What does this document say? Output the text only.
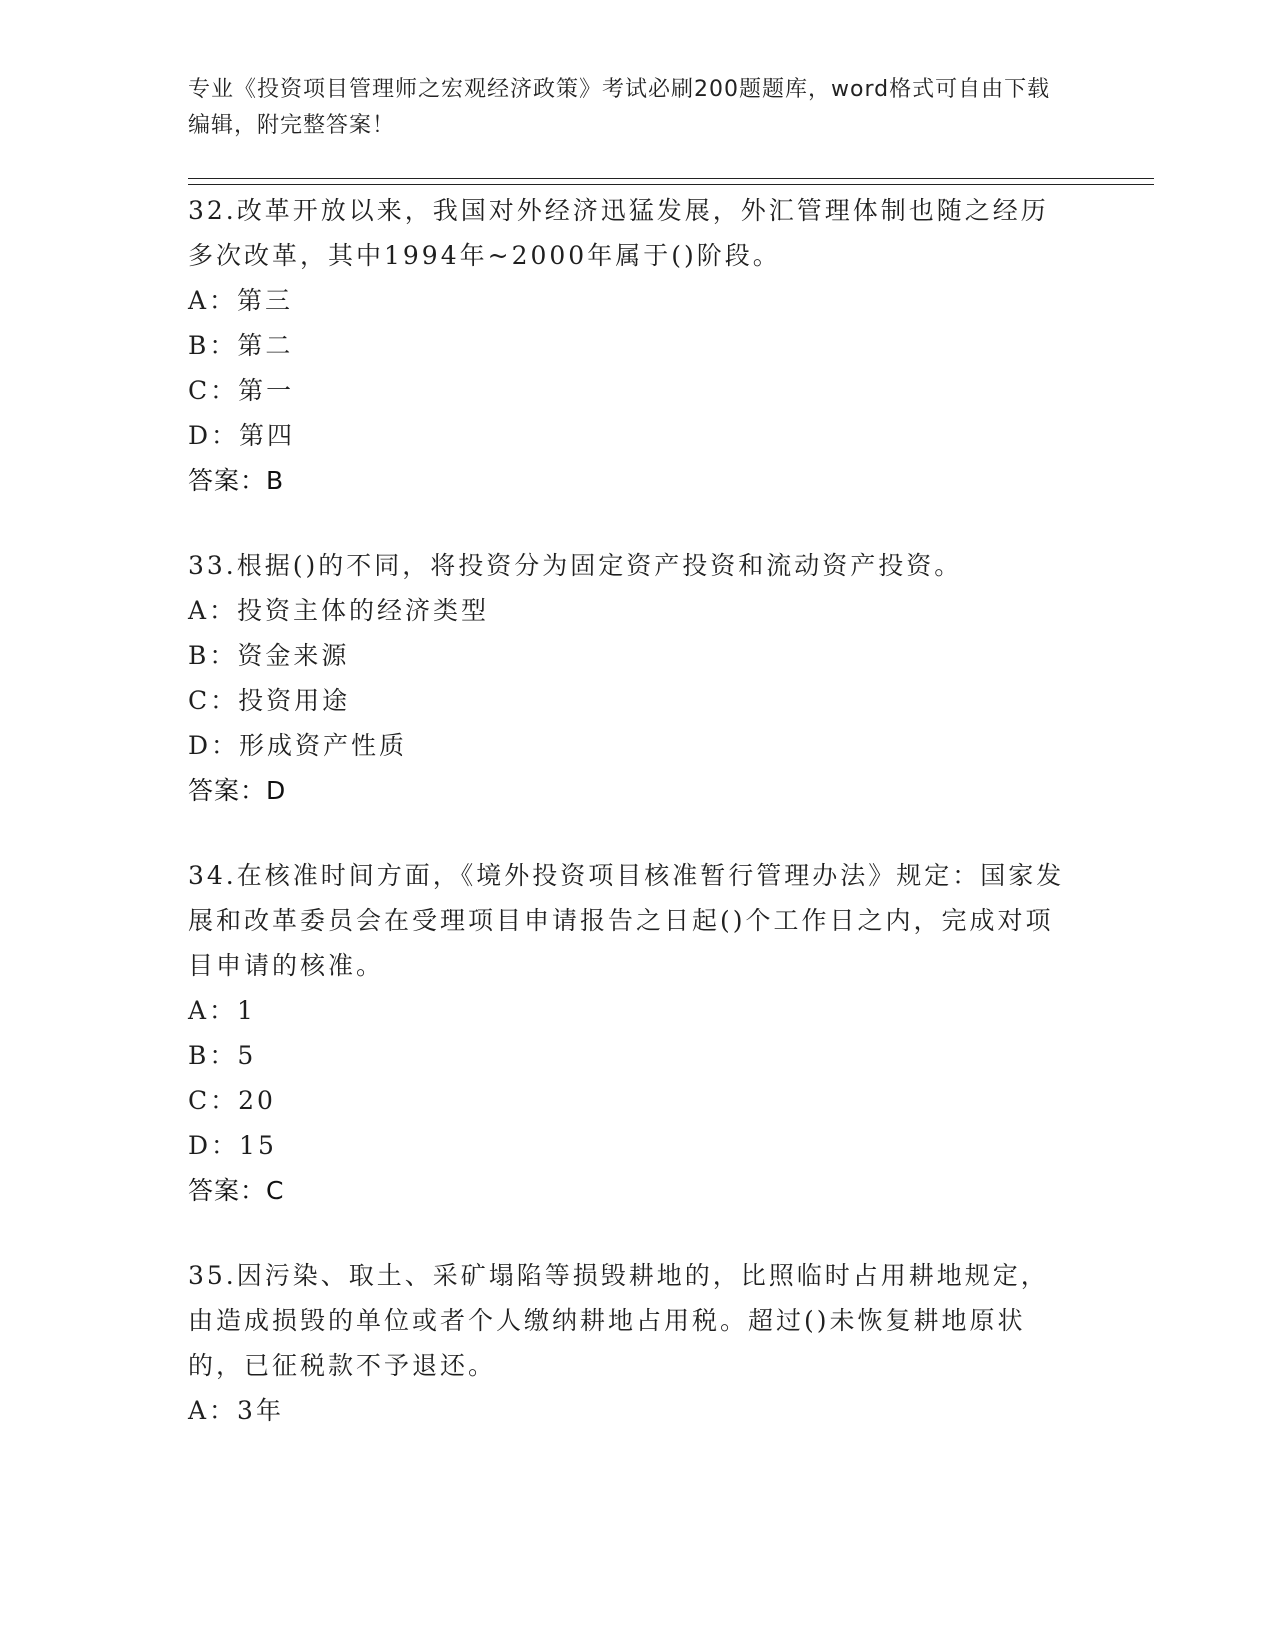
专业《投资项目管理师之宏观经济政策》考试必刷200题题库，word格式可自由下载编辑，附完整答案！

32.改革开放以来，我国对外经济迅猛发展，外汇管理体制也随之经历多次改革，其中1994年~2000年属于()阶段。

A：第三

B：第二

C：第一

D：第四

答案：B

33.根据()的不同，将投资分为固定资产投资和流动资产投资。

A：投资主体的经济类型

B：资金来源

C：投资用途

D：形成资产性质

答案：D

34.在核准时间方面，《境外投资项目核准暂行管理办法》规定：国家发展和改革委员会在受理项目申请报告之日起()个工作日之内，完成对项目申请的核准。

A：1

B：5

C：20

D：15

答案：C

35.因污染、取土、采矿塌陷等损毁耕地的，比照临时占用耕地规定，由造成损毁的单位或者个人缴纳耕地占用税。超过()未恢复耕地原状的，已征税款不予退还。

A：3年
